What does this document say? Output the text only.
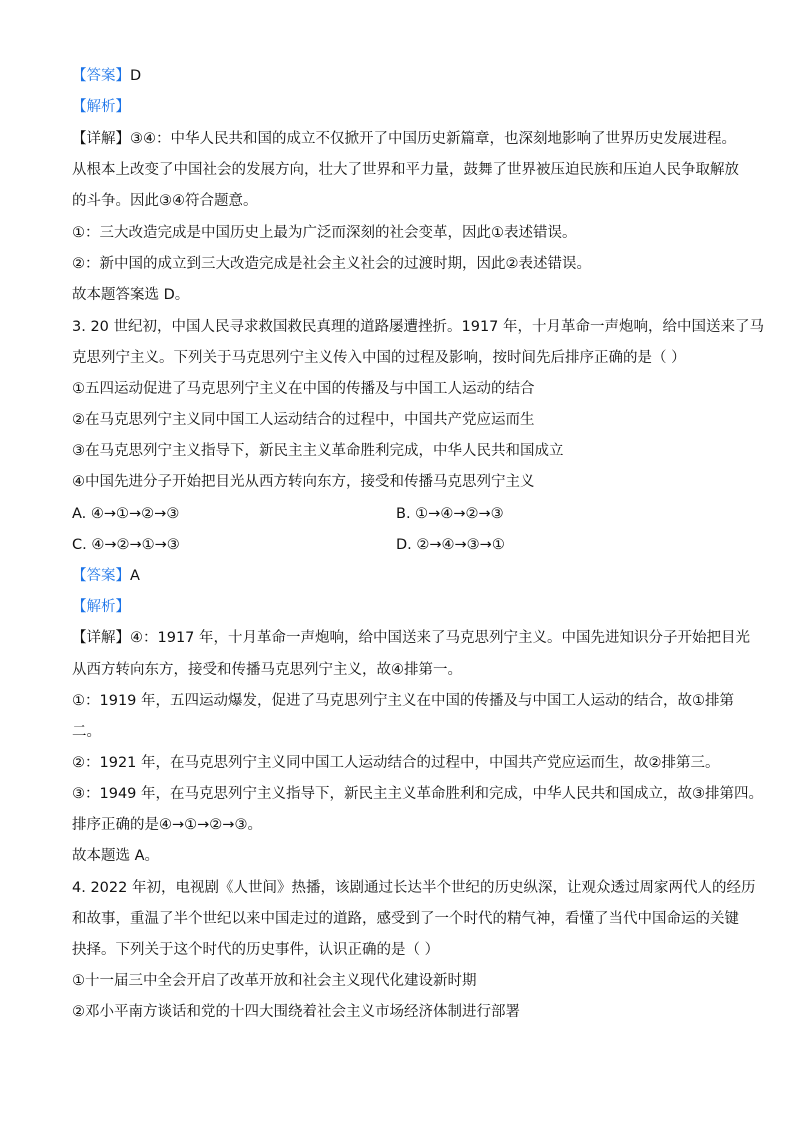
【答案】D
【解析】
【详解】③④：中华人民共和国的成立不仅掀开了中国历史新篇章，也深刻地影响了世界历史发展进程。
从根本上改变了中国社会的发展方向，壮大了世界和平力量，鼓舞了世界被压迫民族和压迫人民争取解放
的斗争。因此③④符合题意。
①：三大改造完成是中国历史上最为广泛而深刻的社会变革，因此①表述错误。
②：新中国的成立到三大改造完成是社会主义社会的过渡时期，因此②表述错误。
故本题答案选 D。
3. 20 世纪初，中国人民寻求救国救民真理的道路屡遭挫折。1917 年，十月革命一声炮响，给中国送来了马
克思列宁主义。下列关于马克思列宁主义传入中国的过程及影响，按时间先后排序正确的是（ ）
①五四运动促进了马克思列宁主义在中国的传播及与中国工人运动的结合
②在马克思列宁主义同中国工人运动结合的过程中，中国共产党应运而生
③在马克思列宁主义指导下，新民主主义革命胜利完成，中华人民共和国成立
④中国先进分子开始把目光从西方转向东方，接受和传播马克思列宁主义
A. ④→①→②→③	B. ①→④→②→③
C. ④→②→①→③	D. ②→④→③→①
【答案】A
【解析】
【详解】④：1917 年，十月革命一声炮响，给中国送来了马克思列宁主义。中国先进知识分子开始把目光
从西方转向东方，接受和传播马克思列宁主义，故④排第一。
①：1919 年，五四运动爆发，促进了马克思列宁主义在中国的传播及与中国工人运动的结合，故①排第
二。
②：1921 年，在马克思列宁主义同中国工人运动结合的过程中，中国共产党应运而生，故②排第三。
③：1949 年，在马克思列宁主义指导下，新民主主义革命胜利和完成，中华人民共和国成立，故③排第四。
排序正确的是④→①→②→③。
故本题选 A。
4. 2022 年初，电视剧《人世间》热播，该剧通过长达半个世纪的历史纵深，让观众透过周家两代人的经历
和故事，重温了半个世纪以来中国走过的道路，感受到了一个时代的精气神，看懂了当代中国命运的关键
抉择。下列关于这个时代的历史事件，认识正确的是（ ）
①十一届三中全会开启了改革开放和社会主义现代化建设新时期
②邓小平南方谈话和党的十四大围绕着社会主义市场经济体制进行部署
